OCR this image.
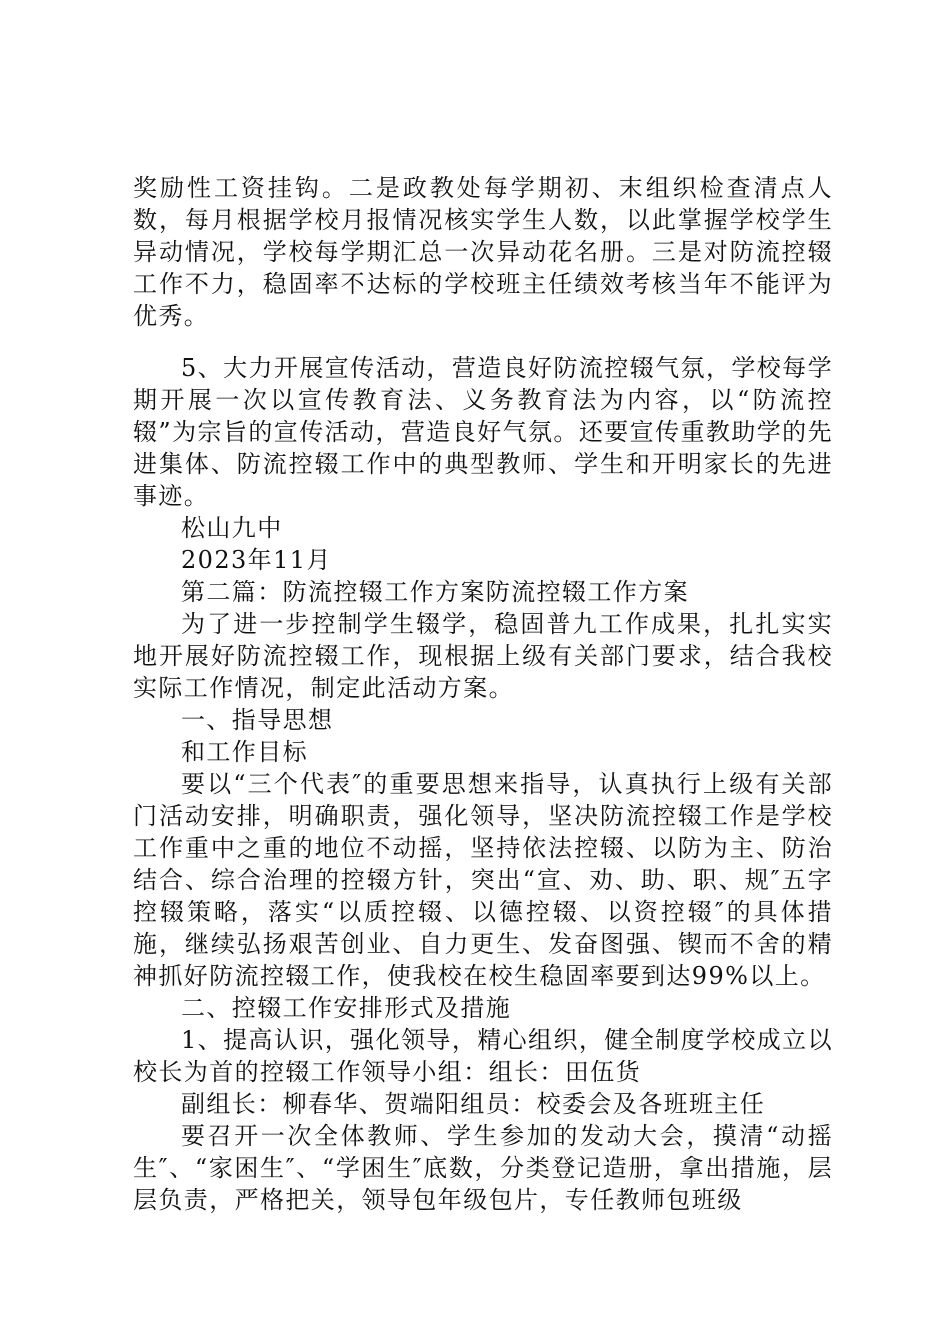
奖励性工资挂钩。二是政教处每学期初、末组织检查清点人数，每月根据学校月报情况核实学生人数，以此掌握学校学生异动情况，学校每学期汇总一次异动花名册。三是对防流控辍工作不力，稳固率不达标的学校班主任绩效考核当年不能评为优秀。

5、大力开展宣传活动，营造良好防流控辍气氛，学校每学期开展一次以宣传教育法、义务教育法为内容，以“防流控辍”为宗旨的宣传活动，营造良好气氛。还要宣传重教助学的先进集体、防流控辍工作中的典型教师、学生和开明家长的先进事迹。

松山九中

2023年11月

第二篇：防流控辍工作方案防流控辍工作方案

为了进一步控制学生辍学，稳固普九工作成果，扎扎实实地开展好防流控辍工作，现根据上级有关部门要求，结合我校实际工作情况，制定此活动方案。

一、指导思想

和工作目标

要以“三个代表″的重要思想来指导，认真执行上级有关部门活动安排，明确职责，强化领导，坚决防流控辍工作是学校工作重中之重的地位不动摇，坚持依法控辍、以防为主、防治结合、综合治理的控辍方针，突出“宣、劝、助、职、规″五字控辍策略，落实“以质控辍、以德控辍、以资控辍″的具体措施，继续弘扬艰苦创业、自力更生、发奋图强、锲而不舍的精神抓好防流控辍工作，使我校在校生稳固率要到达99%以上。

二、控辍工作安排形式及措施

1、提高认识，强化领导，精心组织，健全制度学校成立以校长为首的控辍工作领导小组：组长：田伍货

副组长：柳春华、贺端阳组员：校委会及各班班主任

要召开一次全体教师、学生参加的发动大会，摸清“动摇生″、“家困生″、“学困生″底数，分类登记造册，拿出措施，层层负责，严格把关，领导包年级包片，专任教师包班级
